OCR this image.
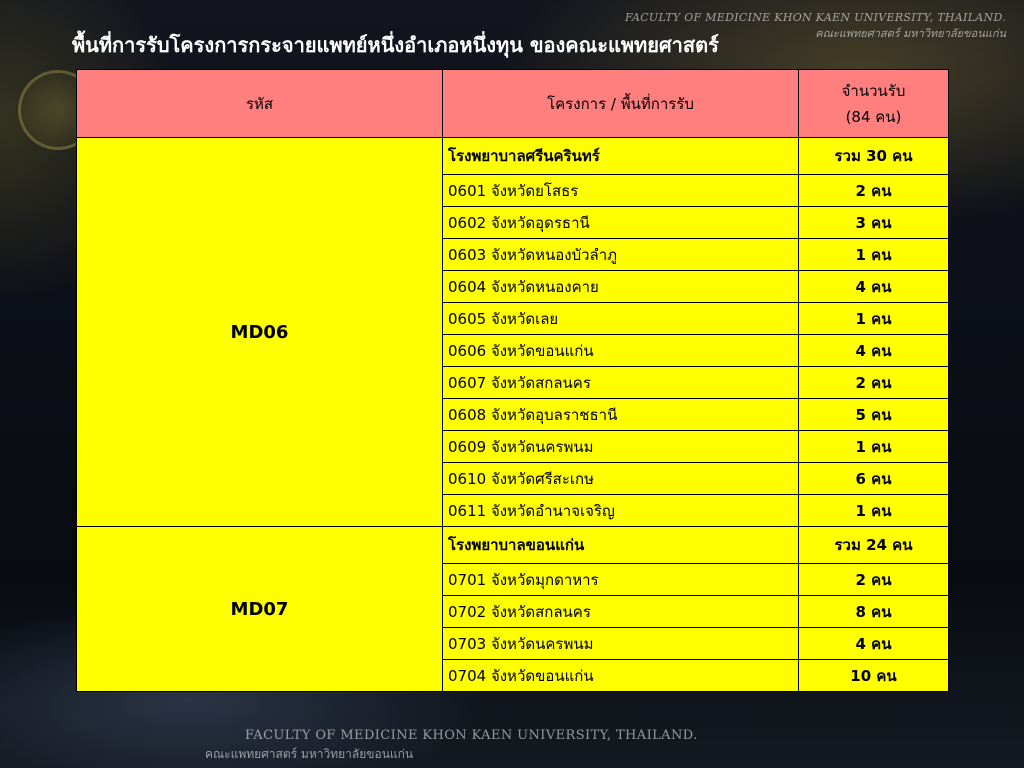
FACULTY OF MEDICINE KHON KAEN UNIVERSITY, THAILAND.
คณะแพทยศาสตร์ มหาวิทยาลัยขอนแก่น
พื้นที่การรับโครงการกระจายแพทย์หนึ่งอำเภอหนึ่งทุน ของคณะแพทยศาสตร์
รหัส	โครงการ / พื้นที่การรับ	จำนวนรับ
(84 คน)

MD06	โรงพยาบาลศรีนครินทร์	รวม 30 คน
	0601 จังหวัดยโสธร	2 คน
	0602 จังหวัดอุดรธานี	3 คน
	0603 จังหวัดหนองบัวลำภู	1 คน
	0604 จังหวัดหนองคาย	4 คน
	0605 จังหวัดเลย	1 คน
	0606 จังหวัดขอนแก่น	4 คน
	0607 จังหวัดสกลนคร	2 คน
	0608 จังหวัดอุบลราชธานี	5 คน
	0609 จังหวัดนครพนม	1 คน
	0610 จังหวัดศรีสะเกษ	6 คน
	0611 จังหวัดอำนาจเจริญ	1 คน
MD07	โรงพยาบาลขอนแก่น	รวม 24 คน
	0701 จังหวัดมุกดาหาร	2 คน
	0702 จังหวัดสกลนคร	8 คน
	0703 จังหวัดนครพนม	4 คน
	0704 จังหวัดขอนแก่น	10 คน
FACULTY OF MEDICINE KHON KAEN UNIVERSITY, THAILAND.
คณะแพทยศาสตร์ มหาวิทยาลัยขอนแก่น
